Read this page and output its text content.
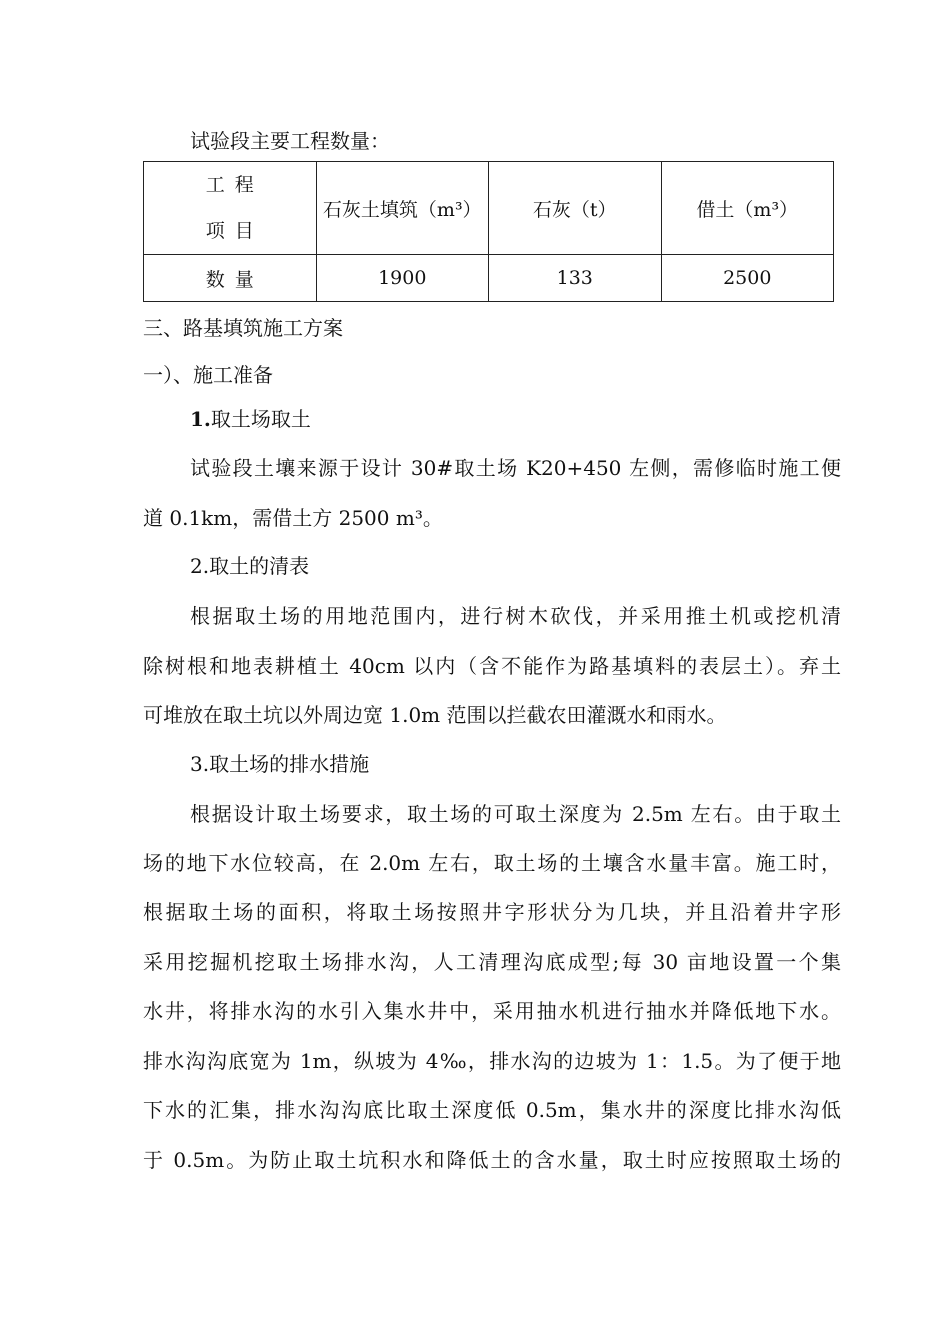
试验段主要工程数量：
工程
项目	石灰土填筑（m³）	石灰（t）	借土（m³）
数量	1900	133	2500
三、路基填筑施工方案
一）、施工准备
1.取土场取土
试验段土壤来源于设计 30#取土场 K20+450 左侧，需修临时施工便
道 0.1km，需借土方 2500 m³。
2.取土的清表
根据取土场的用地范围内，进行树木砍伐，并采用推土机或挖机清
除树根和地表耕植土 40cm 以内（含不能作为路基填料的表层土）。弃土
可堆放在取土坑以外周边宽 1.0m 范围以拦截农田灌溉水和雨水。
3.取土场的排水措施
根据设计取土场要求，取土场的可取土深度为 2.5m 左右。由于取土
场的地下水位较高，在 2.0m 左右，取土场的土壤含水量丰富。施工时，
根据取土场的面积，将取土场按照井字形状分为几块，并且沿着井字形
采用挖掘机挖取土场排水沟，人工清理沟底成型;每 30 亩地设置一个集
水井，将排水沟的水引入集水井中，采用抽水机进行抽水并降低地下水。
排水沟沟底宽为 1m，纵坡为 4‰，排水沟的边坡为 1：1.5。为了便于地
下水的汇集，排水沟沟底比取土深度低 0.5m，集水井的深度比排水沟低
于 0.5m。为防止取土坑积水和降低土的含水量，取土时应按照取土场的
